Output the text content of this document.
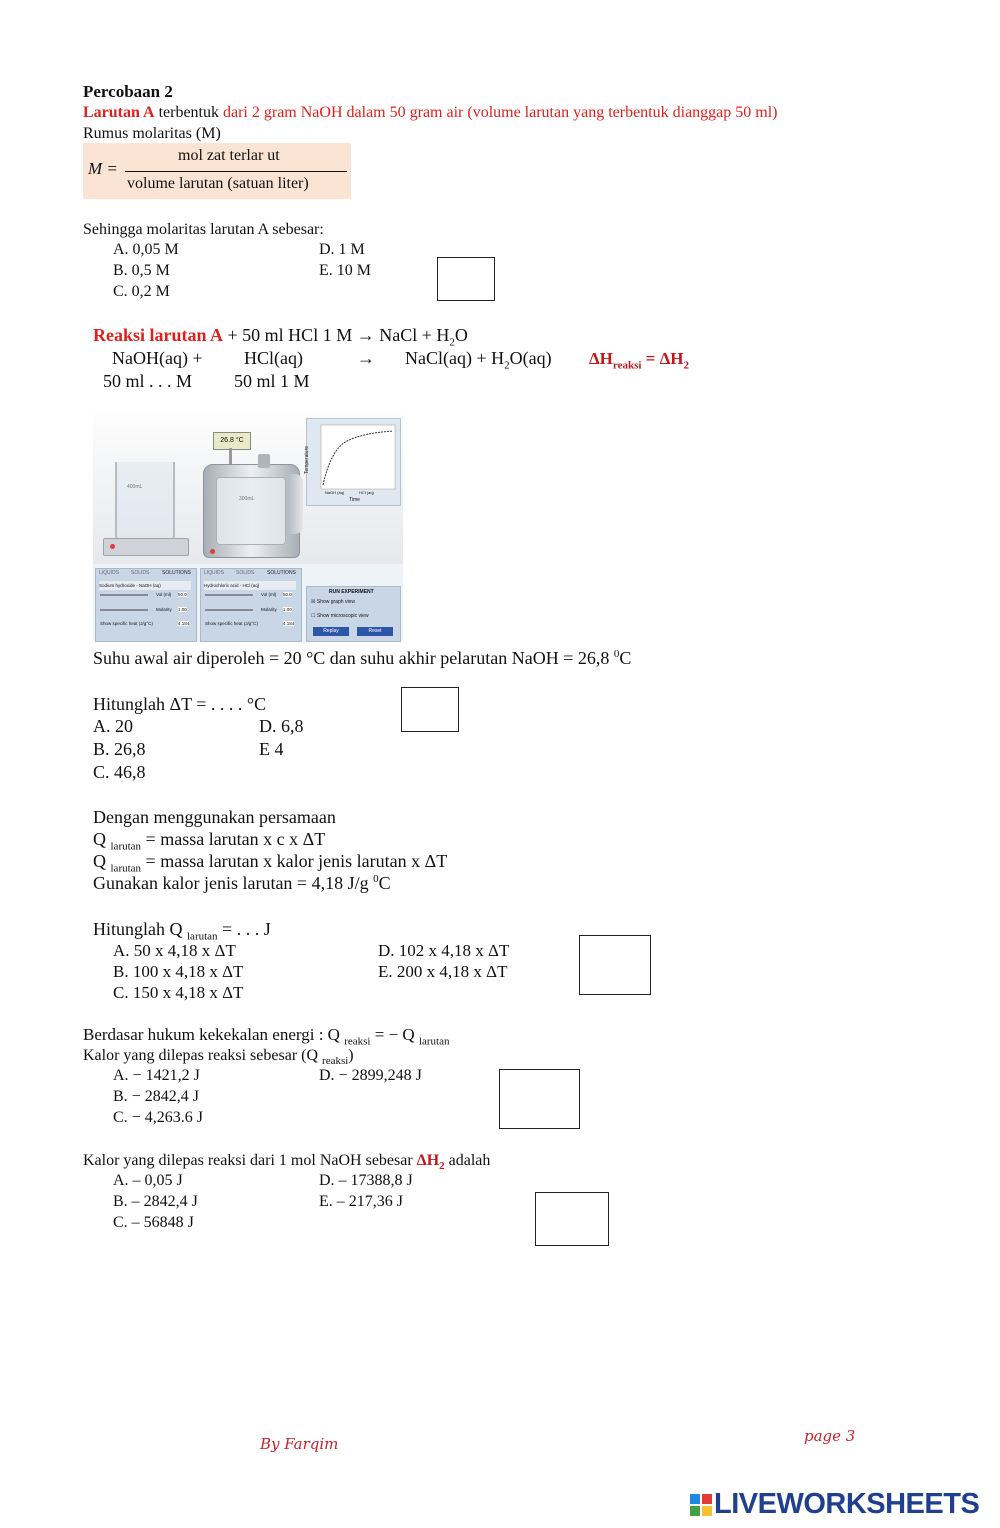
Percobaan 2
Larutan A terbentuk dari 2 gram NaOH dalam 50 gram air (volume larutan yang terbentuk dianggap 50 ml)
Rumus molaritas (M)
M =
mol zat terlar ut
volume larutan (satuan liter)
Sehingga molaritas larutan A sebesar:
A. 0,05 M
B. 0,5 M
C. 0,2 M
D. 1 M
E. 10 M
Reaksi larutan A + 50 ml HCl 1 M → NaCl + $H_2O$
NaOH(aq) + HCl(aq)	→ NaCl(aq) + $H_2O(aq) \Delta H_{reaksi} = \Delta H_2$
50 ml . . . M 50 ml 1 M
400mL
26.8 °C
300mL
Temperature
Time
NaOH (aq)	HCl (aq)
LIQUIDS SOLIDS	SOLUTIONS
Sodium hydroxide - NaOH (aq)
Vol (ml) 50.0
Molarity 1.00
Show specific heat (J/g°C)	4.184
LIQUIDS SOLIDS	SOLUTIONS
Hydrochloric acid - HCl (aq)
Vol (ml) 50.0
Molarity 1.00
Show specific heat (J/g°C)	4.184
RUN EXPERIMENT
☒ Show graph view
☐ Show microscopic view
Replay	Reset
Suhu awal air diperoleh = 20 °C dan suhu akhir pelarutan NaOH = 26,8 $^0$C
Hitunglah ΔT = . . . . °C
A. 20
B. 26,8
C. 46,8
D. 6,8
E 4
Dengan menggunakan persamaan
Q $_{larutan}$ = massa larutan x c x ΔT
Q $_{larutan}$ = massa larutan x kalor jenis larutan x ΔT
Gunakan kalor jenis larutan = 4,18 J/g $^0$C
Hitunglah Q $_{larutan}$ = . . . J
A. 50 x 4,18 x ΔT
B. 100 x 4,18 x ΔT
C. 150 x 4,18 x ΔT
D. 102 x 4,18 x ΔT
E. 200 x 4,18 x ΔT
Berdasar hukum kekekalan energi : Q $_{reaksi}$ = − Q $_{larutan}$
Kalor yang dilepas reaksi sebesar (Q $_{reaksi}$)
A. − 1421,2 J
B. − 2842,4 J
C. − 4,263.6 J
D. − 2899,248 J
Kalor yang dilepas reaksi dari 1 mol NaOH sebesar $\Delta H_2$ adalah
A. – 0,05 J
B. – 2842,4 J
C. – 56848 J
D. – 17388,8 J
E. – 217,36 J
By Farqim	page 3
LIVEWORKSHEETS
